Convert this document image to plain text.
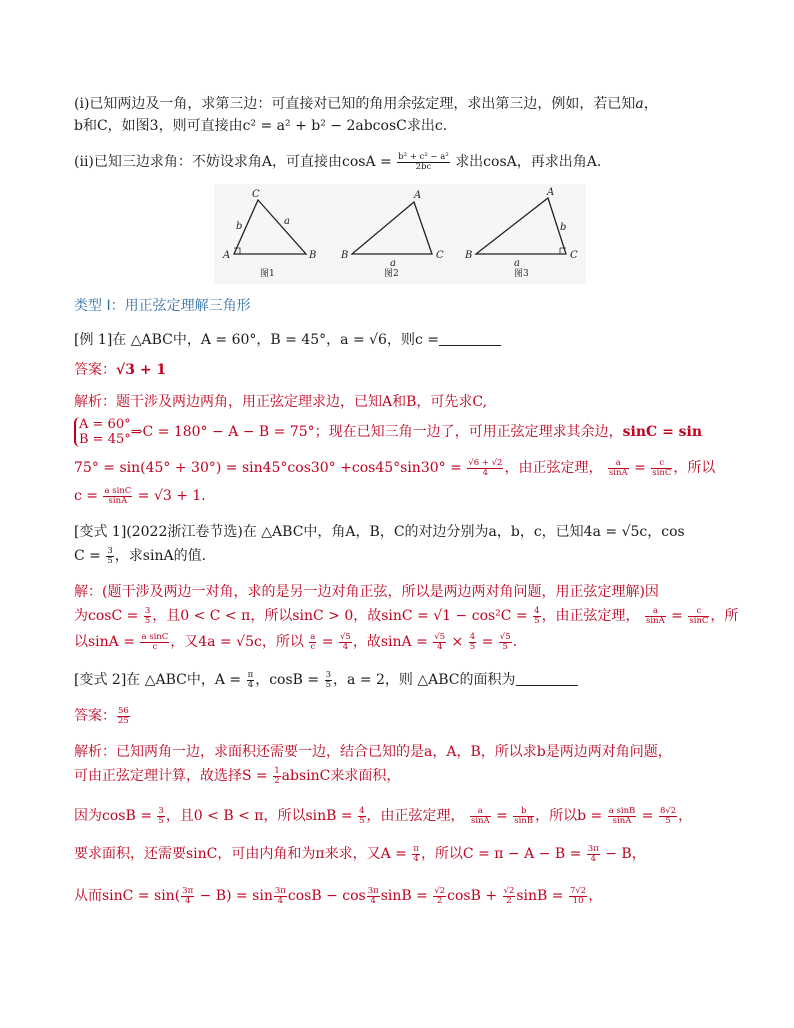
(i)已知两边及一角，求第三边：可直接对已知的角用余弦定理，求出第三边，例如，若已知a，
b和C，如图3，则可直接由c² = a² + b² − 2abcosC求出c.
(ii)已知三边求角：不妨设求角A，可直接由$\cos A = \frac{\text{b² + c² − a²}}{2bc}$ 求出cosA，再求出角A.
A	B
C
b	a
图1
B	C
A
a
图2
B	C
A
b
a
图3
类型 I：用正弦定理解三角形
[例 1]在 △ABC中，A = 60°，B = 45°，a = √6，则c =
答案：√3 + 1
解析：题干涉及两边两角，用正弦定理求边，已知A和B，可先求C,
A = 60°
B = 45° ⇒C = 180° − A − B = 75°；现在已知三角一边了，可用正弦定理求其余边，sinC = sin
$75^\circ = \sin(45^\circ + 30^\circ) = \sin 45^\circ\cos 30^\circ +\cos 45^\circ\sin 30^\circ = \frac{√6 + √2}{4}$ ，由正弦定理， $\frac{a}{\sin A} = \frac{c}{\sin C}$ ，所以
$c = \frac{\text{a sinC}}{\sin A} = √3 + 1$.
[变式 1](2022浙江卷节选)在 △ABC中，角A，B，C的对边分别为a，b，c，已知4a = √5c，cos
$C = \frac{3}{5}$ ，求sinA的值.
解：(题干涉及两边一对角，求的是另一边对角正弦，所以是两边两对角问题，用正弦定理解)因
为$\cos C = \frac{3}{5}$ ，且0 < C < π，所以sinC > 0，故$\sin C = √1 - \cos^2C = \frac{4}{5}$ ，由正弦定理， $\frac{a}{\sin A} = \frac{c}{\sin C}$ ，所
以$\sin A = \frac{\text{a sinC}}{c}$ ，又4a = √5c，所以 $\frac{a}{c} = \frac{√5}{4}$ ，故$\sin A = \frac{√5}{4} \times \frac{4}{5} = \frac{√5}{5}$ .
[变式 2]在 △ABC中，$A = \frac{\pi}{4}$ ，$\cos B = \frac{3}{5}$ ，a = 2，则 △ABC的面积为
答案： $\frac{56}{25}$
解析：已知两角一边，求面积还需要一边，结合已知的是a，A，B，所以求b是两边两对角问题，
可由正弦定理计算，故选择$S = \frac{1}{2}$ absinC来求面积，
因为$\cos B = \frac{3}{5}$ ，且0 < B < π，所以$\sin B = \frac{4}{5}$ ，由正弦定理， $\frac{a}{\sin A} = \frac{b}{\sin B}$ ，所以$b = \frac{\text{a sinB}}{\sin A} = \frac{8√2}{5}$ ，
要求面积，还需要sinC，可由内角和为π来求，又$A = \frac{\pi}{4}$ ，所以$C = \pi - A - B = \frac{3\pi}{4} - B$，
从而$\sin C = \sin( \frac{3\pi}{4} - B) = \sin \frac{3\pi}{4}$ $\cos B - \cos \frac{3\pi}{4}$ $\sin B = \frac{√2}{2}$ $\cos B + \frac{√2}{2}$ $\sin B = \frac{7√2}{10}$ ，
